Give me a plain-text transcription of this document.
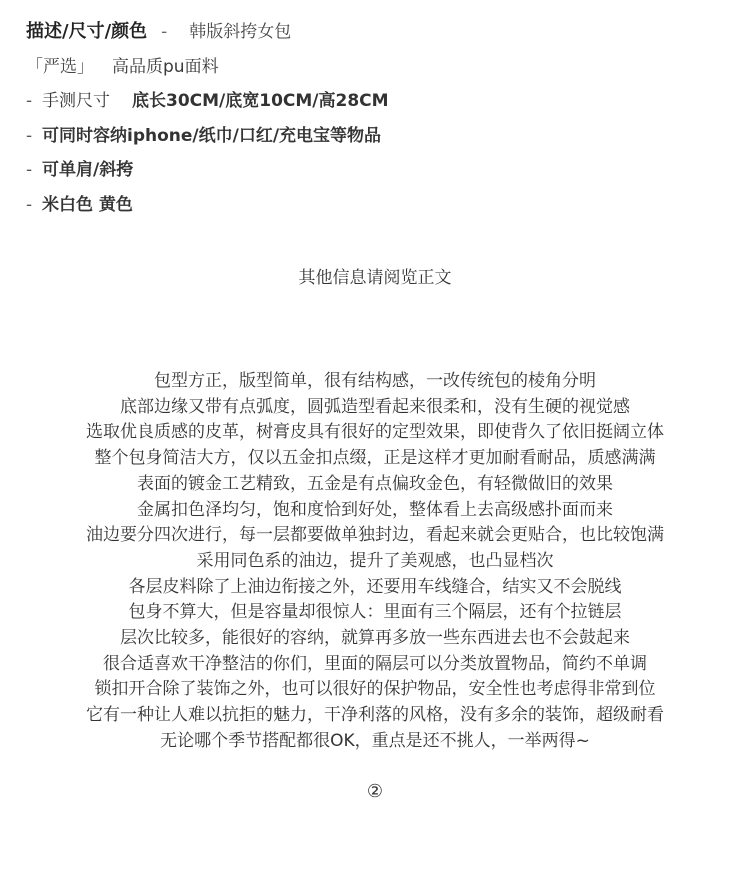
描述/尺寸/颜色 - 韩版斜挎女包
「严选」 高品质pu面料
- 手测尺寸 底长30CM/底宽10CM/高28CM
- 可同时容纳iphone/纸巾/口红/充电宝等物品
- 可单肩/斜挎
- 米白色 黄色
其他信息请阅览正文
包型方正，版型简单，很有结构感，一改传统包的棱角分明
底部边缘又带有点弧度，圆弧造型看起来很柔和，没有生硬的视觉感
选取优良质感的皮革，树膏皮具有很好的定型效果，即使背久了依旧挺阔立体
整个包身简洁大方，仅以五金扣点缀，正是这样才更加耐看耐品，质感满满
表面的镀金工艺精致，五金是有点偏玫金色，有轻微做旧的效果
金属扣色泽均匀，饱和度恰到好处，整体看上去高级感扑面而来
油边要分四次进行，每一层都要做单独封边，看起来就会更贴合，也比较饱满
采用同色系的油边，提升了美观感，也凸显档次
各层皮料除了上油边衔接之外，还要用车线缝合，结实又不会脱线
包身不算大，但是容量却很惊人：里面有三个隔层，还有个拉链层
层次比较多，能很好的容纳，就算再多放一些东西进去也不会鼓起来
很合适喜欢干净整洁的你们，里面的隔层可以分类放置物品，简约不单调
锁扣开合除了装饰之外，也可以很好的保护物品，安全性也考虑得非常到位
它有一种让人难以抗拒的魅力，干净利落的风格，没有多余的装饰，超级耐看
无论哪个季节搭配都很OK，重点是还不挑人，一举两得~
②
